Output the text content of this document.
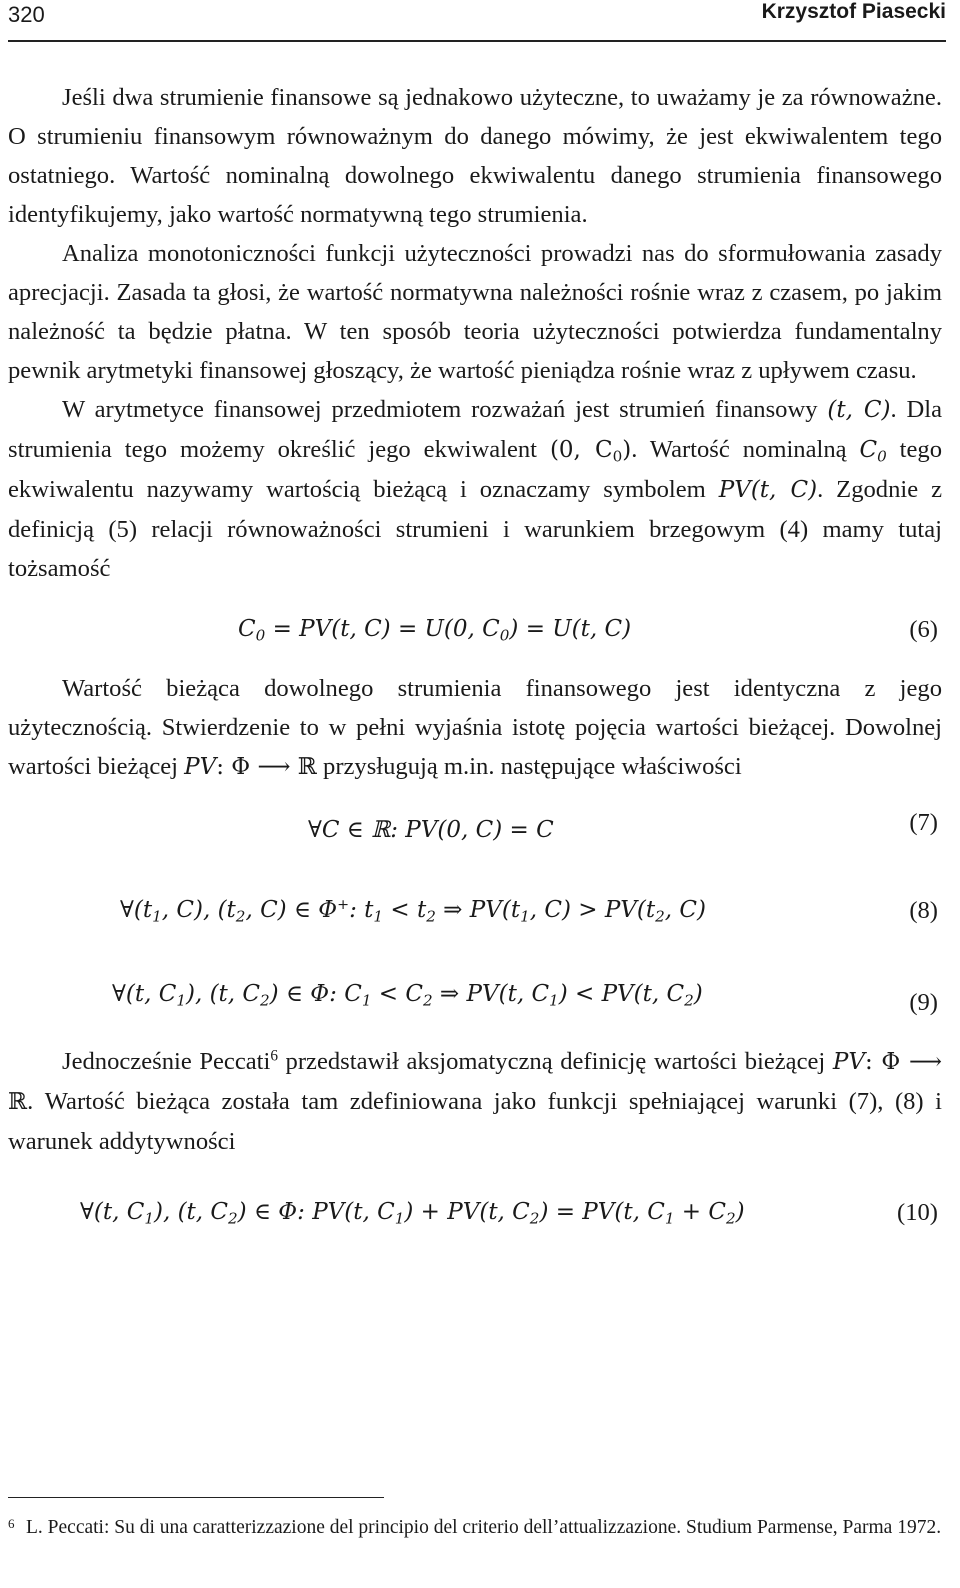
320	Krzysztof Piasecki

Jeśli dwa strumienie finansowe są jednakowo użyteczne, to uważamy je za równoważne. O strumieniu finansowym równoważnym do danego mówimy, że jest ekwiwalentem tego ostatniego. Wartość nominalną dowolnego ekwiwalentu danego strumienia finansowego identyfikujemy, jako wartość normatywną tego strumienia.

Analiza monotoniczności funkcji użyteczności prowadzi nas do sformułowania zasady aprecjacji. Zasada ta głosi, że wartość normatywna należności rośnie wraz z czasem, po jakim należność ta będzie płatna. W ten sposób teoria użyteczności potwierdza fundamentalny pewnik arytmetyki finansowej głoszący, że wartość pieniądza rośnie wraz z upływem czasu.

W arytmetyce finansowej przedmiotem rozważań jest strumień finansowy (t, C). Dla strumienia tego możemy określić jego ekwiwalent (0, $C_0$). Wartość nominalną $C_0$ tego ekwiwalentu nazywamy wartością bieżącą i oznaczamy symbolem PV(t, C). Zgodnie z definicją (5) relacji równoważności strumieni i warunkiem brzegowym (4) mamy tutaj tożsamość

$C_0 = PV(t$, C) = U(0, $C_0) = U(t$, C)	(6)

Wartość bieżąca dowolnego strumienia finansowego jest identyczna z jego użytecznością. Stwierdzenie to w pełni wyjaśnia istotę pojęcia wartości bieżącej. Dowolnej wartości bieżącej PV: Φ ⟶ ℝ przysługują m.in. następujące właściwości

∀C ∈ ℝ: PV(0, C) = C	(7)
$\forall(t_1$, C), ($t_2$, C) ∈ Φ+: $t_1 < t_2$ ⇒ $PV(t_1$, $C) > PV(t_2$, C)	(8)
∀(t, $C_1$), (t, $C_2$) ∈ Φ: $C_1 < C_2$ ⇒ PV(t, $C_1) < PV(t$, $C_2$)	(9)

Jednocześnie Peccati$^6$ przedstawił aksjomatyczną definicję wartości bieżącej PV: Φ ⟶ ℝ. Wartość bieżąca została tam zdefiniowana jako funkcji spełniającej warunki (7), (8) i warunek addytywności

∀(t, $C_1$), (t, $C_2$) ∈ Φ: PV(t, $C_1) + PV(t$, $C_2) = PV(t$, $C_1 + C_2$)	(10)
6 L. Peccati: Su di una caratterizzazione del principio del criterio dell’attualizzazione. Studium Parmense, Parma 1972.
